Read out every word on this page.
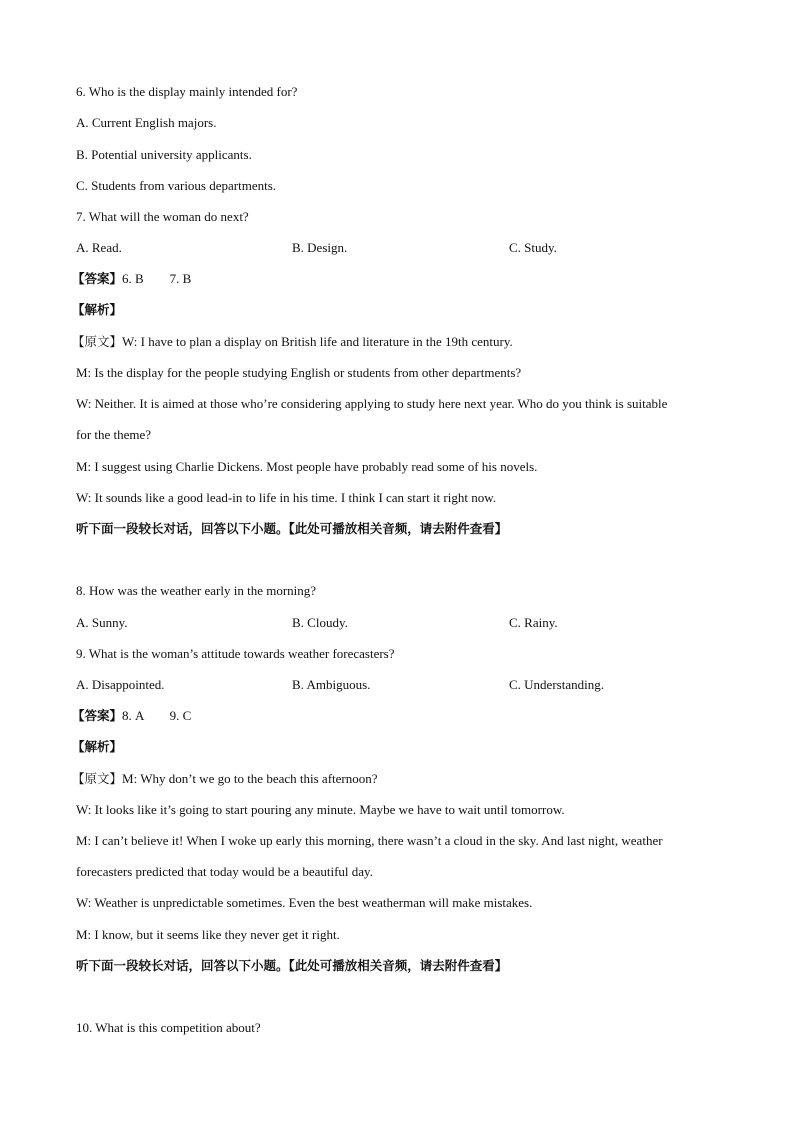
6. Who is the display mainly intended for?
A. Current English majors.
B. Potential university applicants.
C. Students from various departments.
7. What will the woman do next?
A. Read.	B. Design.	C. Study.
【答案】6. B　　7. B
【解析】
【原文】W: I have to plan a display on British life and literature in the 19th century.
M: Is the display for the people studying English or students from other departments?
W: Neither. It is aimed at those who’re considering applying to study here next year. Who do you think is suitable
for the theme?
M: I suggest using Charlie Dickens. Most people have probably read some of his novels.
W: It sounds like a good lead-in to life in his time. I think I can start it right now.
听下面一段较长对话，回答以下小题。【此处可播放相关音频，请去附件查看】
8. How was the weather early in the morning?
A. Sunny.	B. Cloudy.	C. Rainy.
9. What is the woman’s attitude towards weather forecasters?
A. Disappointed.	B. Ambiguous.	C. Understanding.
【答案】8. A　　9. C
【解析】
【原文】M: Why don’t we go to the beach this afternoon?
W: It looks like it’s going to start pouring any minute. Maybe we have to wait until tomorrow.
M: I can’t believe it! When I woke up early this morning, there wasn’t a cloud in the sky. And last night, weather
forecasters predicted that today would be a beautiful day.
W: Weather is unpredictable sometimes. Even the best weatherman will make mistakes.
M: I know, but it seems like they never get it right.
听下面一段较长对话，回答以下小题。【此处可播放相关音频，请去附件查看】
10. What is this competition about?
